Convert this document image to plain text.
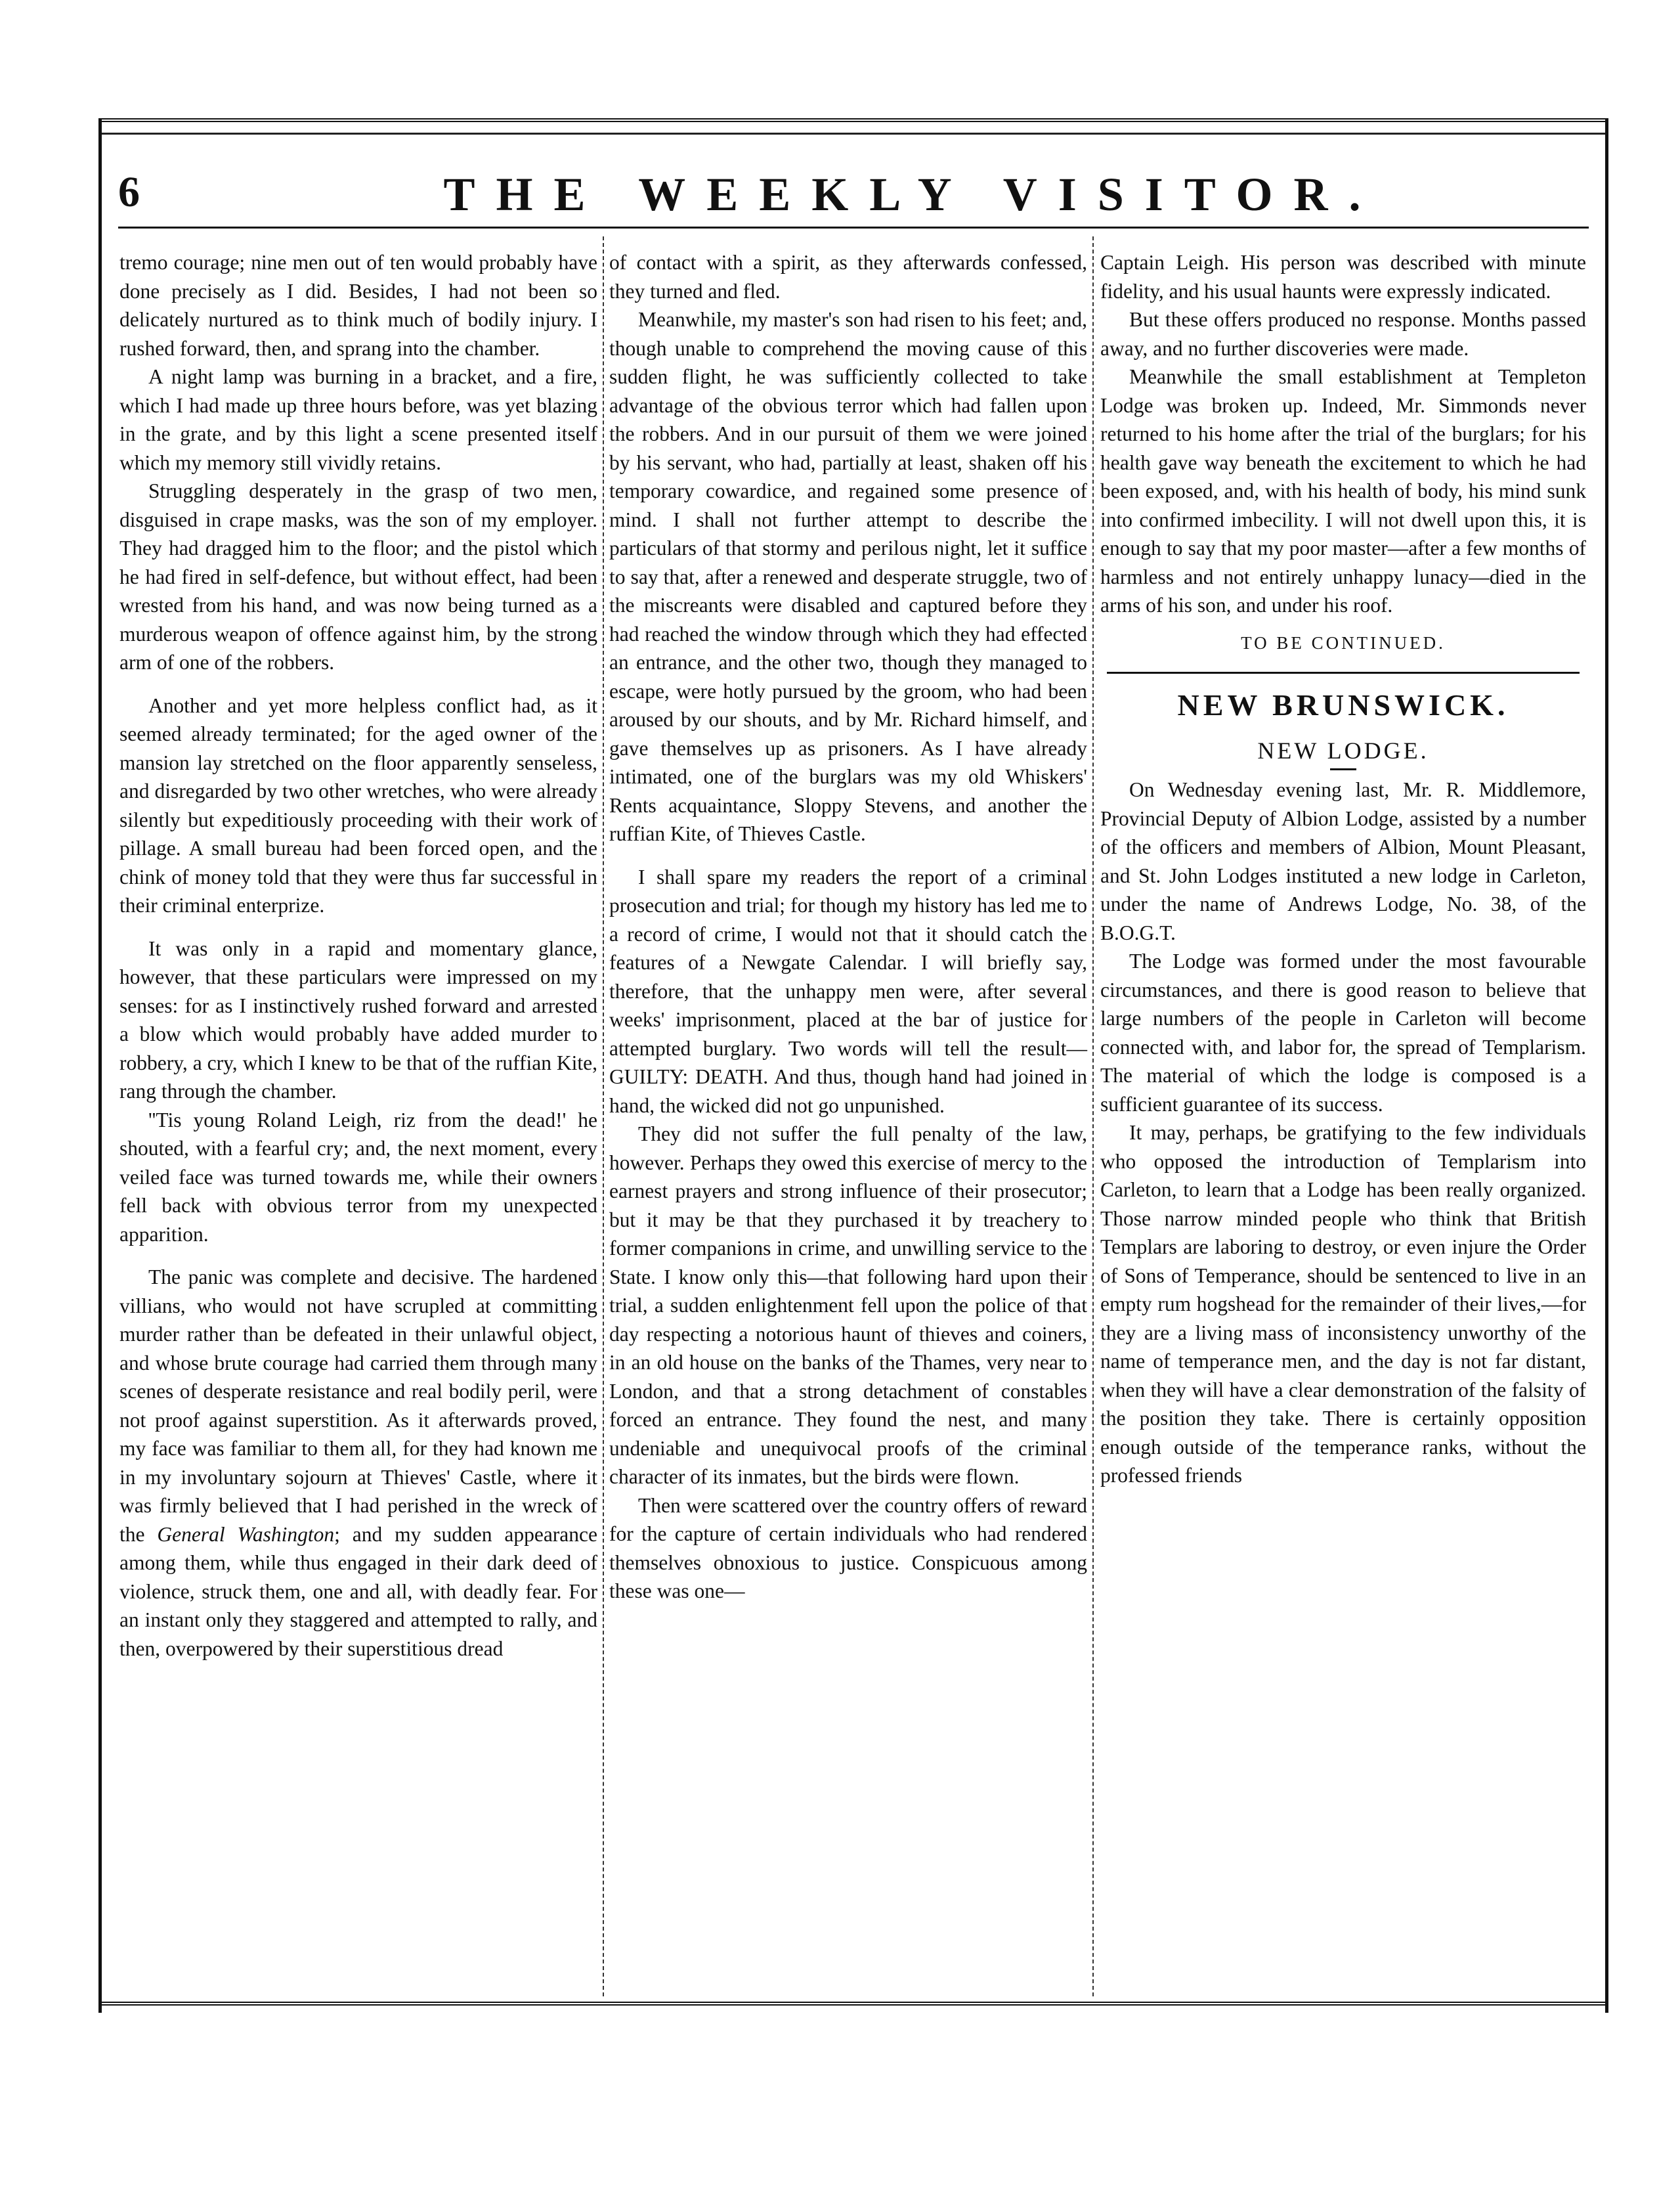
6	THE WEEKLY VISITOR.

tremo courage; nine men out of ten would probably have done precisely as I did. Besides, I had not been so delicately nurtured as to think much of bodily injury. I rushed forward, then, and sprang into the chamber.

A night lamp was burning in a bracket, and a fire, which I had made up three hours before, was yet blazing in the grate, and by this light a scene presented itself which my memory still vividly retains.

Struggling desperately in the grasp of two men, disguised in crape masks, was the son of my employer. They had dragged him to the floor; and the pistol which he had fired in self-defence, but without effect, had been wrested from his hand, and was now being turned as a murderous weapon of offence against him, by the strong arm of one of the robbers.

Another and yet more helpless conflict had, as it seemed already terminated; for the aged owner of the mansion lay stretched on the floor apparently senseless, and disregarded by two other wretches, who were already silently but expeditiously proceeding with their work of pillage. A small bureau had been forced open, and the chink of money told that they were thus far successful in their criminal enterprize.

It was only in a rapid and momentary glance, however, that these particulars were impressed on my senses: for as I instinctively rushed forward and arrested a blow which would probably have added murder to robbery, a cry, which I knew to be that of the ruffian Kite, rang through the chamber.

''Tis young Roland Leigh, riz from the dead!' he shouted, with a fearful cry; and, the next moment, every veiled face was turned towards me, while their owners fell back with obvious terror from my unexpected apparition.

The panic was complete and decisive. The hardened villians, who would not have scrupled at committing murder rather than be defeated in their unlawful object, and whose brute courage had carried them through many scenes of desperate resistance and real bodily peril, were not proof against superstition. As it afterwards proved, my face was familiar to them all, for they had known me in my involuntary sojourn at Thieves' Castle, where it was firmly believed that I had perished in the wreck of the General Washington; and my sudden appearance among them, while thus engaged in their dark deed of violence, struck them, one and all, with deadly fear. For an instant only they staggered and attempted to rally, and then, overpowered by their superstitious dread

of contact with a spirit, as they afterwards confessed, they turned and fled.

Meanwhile, my master's son had risen to his feet; and, though unable to comprehend the moving cause of this sudden flight, he was sufficiently collected to take advantage of the obvious terror which had fallen upon the robbers. And in our pursuit of them we were joined by his servant, who had, partially at least, shaken off his temporary cowardice, and regained some presence of mind. I shall not further attempt to describe the particulars of that stormy and perilous night, let it suffice to say that, after a renewed and desperate struggle, two of the miscreants were disabled and captured before they had reached the window through which they had effected an entrance, and the other two, though they managed to escape, were hotly pursued by the groom, who had been aroused by our shouts, and by Mr. Richard himself, and gave themselves up as prisoners. As I have already intimated, one of the burglars was my old Whiskers' Rents acquaintance, Sloppy Stevens, and another the ruffian Kite, of Thieves Castle.

I shall spare my readers the report of a criminal prosecution and trial; for though my history has led me to a record of crime, I would not that it should catch the features of a Newgate Calendar. I will briefly say, therefore, that the unhappy men were, after several weeks' imprisonment, placed at the bar of justice for attempted burglary. Two words will tell the result—GUILTY: DEATH. And thus, though hand had joined in hand, the wicked did not go unpunished.

They did not suffer the full penalty of the law, however. Perhaps they owed this exercise of mercy to the earnest prayers and strong influence of their prosecutor; but it may be that they purchased it by treachery to former companions in crime, and unwilling service to the State. I know only this—that following hard upon their trial, a sudden enlightenment fell upon the police of that day respecting a notorious haunt of thieves and coiners, in an old house on the banks of the Thames, very near to London, and that a strong detachment of constables forced an entrance. They found the nest, and many undeniable and unequivocal proofs of the criminal character of its inmates, but the birds were flown.

Then were scattered over the country offers of reward for the capture of certain individuals who had rendered themselves obnoxious to justice. Conspicuous among these was one—

Captain Leigh. His person was described with minute fidelity, and his usual haunts were expressly indicated.

But these offers produced no response. Months passed away, and no further discoveries were made.

Meanwhile the small establishment at Templeton Lodge was broken up. Indeed, Mr. Simmonds never returned to his home after the trial of the burglars; for his health gave way beneath the excitement to which he had been exposed, and, with his health of body, his mind sunk into confirmed imbecility. I will not dwell upon this, it is enough to say that my poor master—after a few months of harmless and not entirely unhappy lunacy—died in the arms of his son, and under his roof.

TO BE CONTINUED.

NEW BRUNSWICK.
NEW LODGE.

On Wednesday evening last, Mr. R. Middlemore, Provincial Deputy of Albion Lodge, assisted by a number of the officers and members of Albion, Mount Pleasant, and St. John Lodges instituted a new lodge in Carleton, under the name of Andrews Lodge, No. 38, of the B.O.G.T.

The Lodge was formed under the most favourable circumstances, and there is good reason to believe that large numbers of the people in Carleton will become connected with, and labor for, the spread of Templarism. The material of which the lodge is composed is a sufficient guarantee of its success.

It may, perhaps, be gratifying to the few individuals who opposed the introduction of Templarism into Carleton, to learn that a Lodge has been really organized. Those narrow minded people who think that British Templars are laboring to destroy, or even injure the Order of Sons of Temperance, should be sentenced to live in an empty rum hogshead for the remainder of their lives,—for they are a living mass of inconsistency unworthy of the name of temperance men, and the day is not far distant, when they will have a clear demonstration of the falsity of the position they take. There is certainly opposition enough outside of the temperance ranks, without the professed friends
